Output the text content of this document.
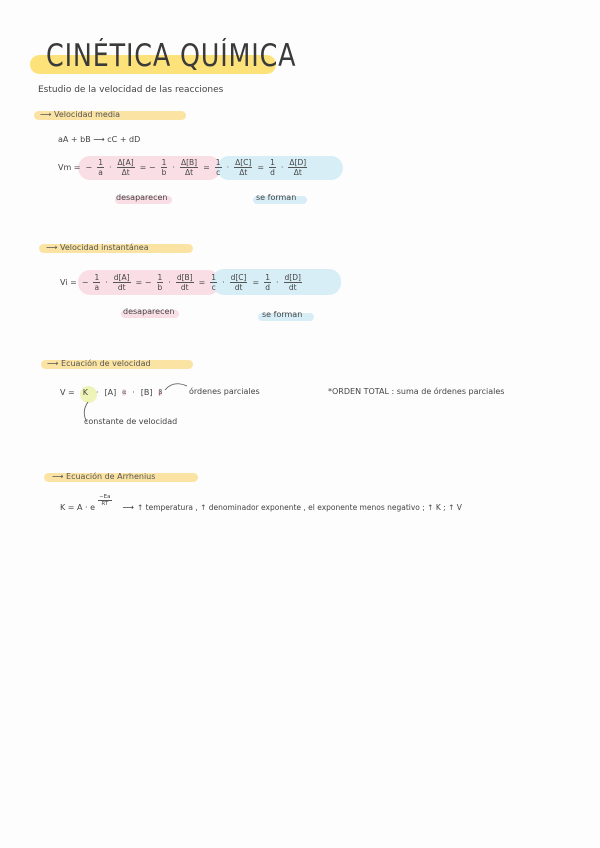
CINÉTICA QUÍMICA
Estudio de la velocidad de las reacciones
⟶ Velocidad media
aA + bB ⟶ cC + dD
Vm = − $\frac{1}{a} \cdot \frac{\Delta[A]}{\Delta t}$ = − $\frac{1}{b} \cdot \frac{\Delta[B]}{\Delta t} = \frac{1}{c} \cdot \frac{\Delta[C]}{\Delta t} = \frac{1}{d} \cdot \frac{\Delta[D]}{\Delta t}$
desaparecen	se forman
⟶ Velocidad instantánea
Vi = − $\frac{1}{a} \cdot \frac{d[A]}{dt}$ = − $\frac{1}{b} \cdot \frac{d[B]}{dt} = \frac{1}{c} \cdot \frac{d[C]}{dt} = \frac{1}{d} \cdot \frac{d[D]}{dt}$
desaparecen	se forman
⟶ Ecuación de velocidad
V = K · [A] α · [B] β	órdenes parciales	*ORDEN TOTAL : suma de órdenes parciales
constante de velocidad
⟶ Ecuación de Arrhenius
K = A · e
$\frac{-Ea}{RT}$
⟶ ↑ temperatura , ↑ denominador exponente , el exponente menos negativo ; ↑ K ; ↑ V
